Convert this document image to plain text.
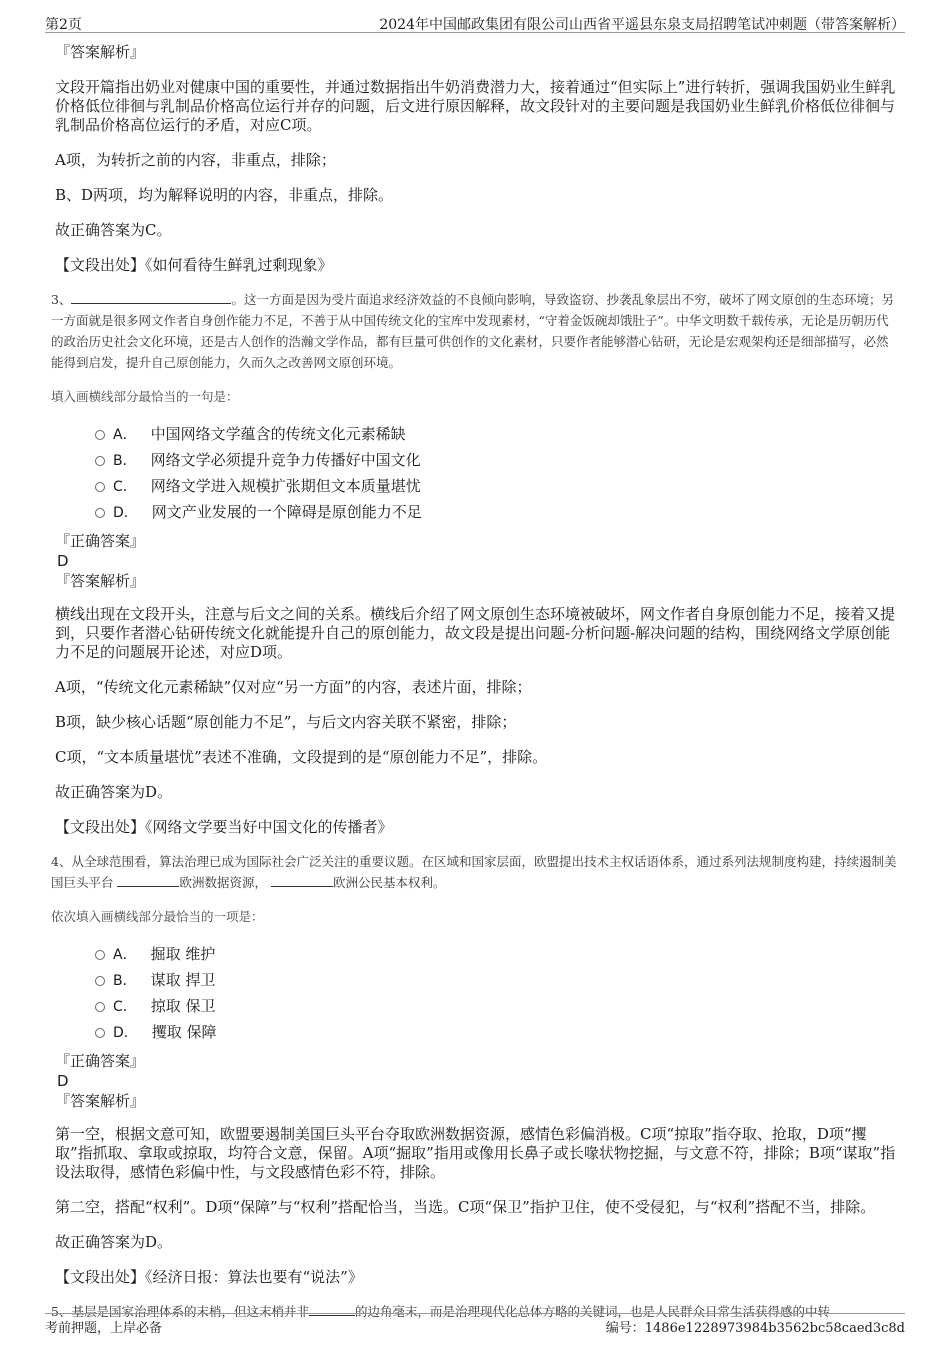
第2页	2024年中国邮政集团有限公司山西省平遥县东泉支局招聘笔试冲刺题（带答案解析）

『答案解析』

文段开篇指出奶业对健康中国的重要性，并通过数据指出牛奶消费潜力大，接着通过“但实际上”进行转折，强调我国奶业生鲜乳价格低位徘徊与乳制品价格高位运行并存的问题，后文进行原因解释，故文段针对的主要问题是我国奶业生鲜乳价格低位徘徊与乳制品价格高位运行的矛盾，对应C项。

A项，为转折之前的内容，非重点，排除；

B、D两项，均为解释说明的内容，非重点，排除。

故正确答案为C。

【文段出处】《如何看待生鲜乳过剩现象》

3、	。这一方面是因为受片面追求经济效益的不良倾向影响，导致盗窃、抄袭乱象层出不穷，破坏了网文原创的生态环境；另一方面就是很多网文作者自身创作能力不足，不善于从中国传统文化的宝库中发现素材，“守着金饭碗却饿肚子”。中华文明数千载传承，无论是历朝历代的政治历史社会文化环境，还是古人创作的浩瀚文学作品，都有巨量可供创作的文化素材，只要作者能够潜心钻研，无论是宏观架构还是细部描写，必然能得到启发，提升自己原创能力，久而久之改善网文原创环境。

填入画横线部分最恰当的一句是：

A． 中国网络文学蕴含的传统文化元素稀缺
B． 网络文学必须提升竞争力传播好中国文化
C． 网络文学进入规模扩张期但文本质量堪忧
D． 网文产业发展的一个障碍是原创能力不足

『正确答案』

D

『答案解析』

横线出现在文段开头，注意与后文之间的关系。横线后介绍了网文原创生态环境被破坏，网文作者自身原创能力不足，接着又提到，只要作者潜心钻研传统文化就能提升自己的原创能力，故文段是提出问题-分析问题-解决问题的结构，围绕网络文学原创能力不足的问题展开论述，对应D项。

A项，“传统文化元素稀缺”仅对应“另一方面”的内容，表述片面，排除；

B项，缺少核心话题“原创能力不足”，与后文内容关联不紧密，排除；

C项，“文本质量堪忧”表述不准确，文段提到的是“原创能力不足”，排除。

故正确答案为D。

【文段出处】《网络文学要当好中国文化的传播者》

4、从全球范围看，算法治理已成为国际社会广泛关注的重要议题。在区域和国家层面，欧盟提出技术主权话语体系，通过系列法规制度构建，持续遏制美国巨头平台	欧洲数据资源，	欧洲公民基本权利。

依次填入画横线部分最恰当的一项是：

A． 掘取 维护
B． 谋取 捍卫
C． 掠取 保卫
D． 攫取 保障

『正确答案』

D

『答案解析』

第一空，根据文意可知，欧盟要遏制美国巨头平台夺取欧洲数据资源，感情色彩偏消极。C项“掠取”指夺取、抢取，D项“攫取”指抓取、拿取或掠取，均符合文意，保留。A项“掘取”指用或像用长鼻子或长喙状物挖掘，与文意不符，排除；B项“谋取”指设法取得，感情色彩偏中性，与文段感情色彩不符，排除。

第二空，搭配“权利”。D项“保障”与“权利”搭配恰当，当选。C项“保卫”指护卫住，使不受侵犯，与“权利”搭配不当，排除。

故正确答案为D。

【文段出处】《经济日报：算法也要有“说法”》

5、基层是国家治理体系的末梢，但这末梢并非	的边角毫末，而是治理现代化总体方略的关键词，也是人民群众日常生活获得感的中转

考前押题，上岸必备	编号：1486e1228973984b3562bc58caed3c8d
